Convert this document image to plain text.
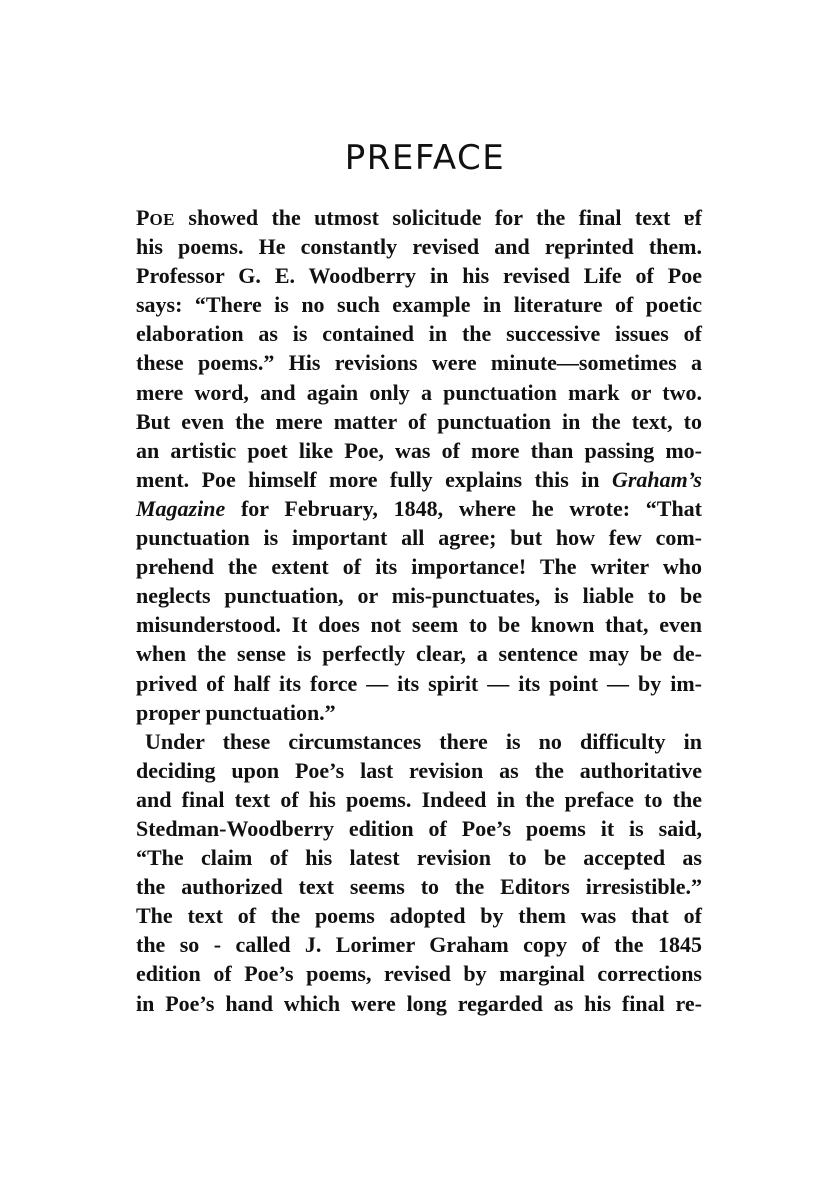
PREFACE
POE showed the utmost solicitude for the final text ɐf
his poems. He constantly revised and reprinted them.
Professor G. E. Woodberry in his revised Life of Poe
says: “There is no such example in literature of poetic
elaboration as is contained in the successive issues of
these poems.” His revisions were minute—sometimes a
mere word, and again only a punctuation mark or two.
But even the mere matter of punctuation in the text, to
an artistic poet like Poe, was of more than passing mo-
ment. Poe himself more fully explains this in Graham’s
Magazine for February, 1848, where he wrote: “That
punctuation is important all agree; but how few com-
prehend the extent of its importance! The writer who
neglects punctuation, or mis-punctuates, is liable to be
misunderstood. It does not seem to be known that, even
when the sense is perfectly clear, a sentence may be de-
prived of half its force — its spirit — its point — by im-
proper punctuation.”
Under these circumstances there is no difficulty in
deciding upon Poe’s last revision as the authoritative
and final text of his poems. Indeed in the preface to the
Stedman-Woodberry edition of Poe’s poems it is said,
“The claim of his latest revision to be accepted as
the authorized text seems to the Editors irresistible.”
The text of the poems adopted by them was that of
the so - called J. Lorimer Graham copy of the 1845
edition of Poe’s poems, revised by marginal corrections
in Poe’s hand which were long regarded as his final re-
